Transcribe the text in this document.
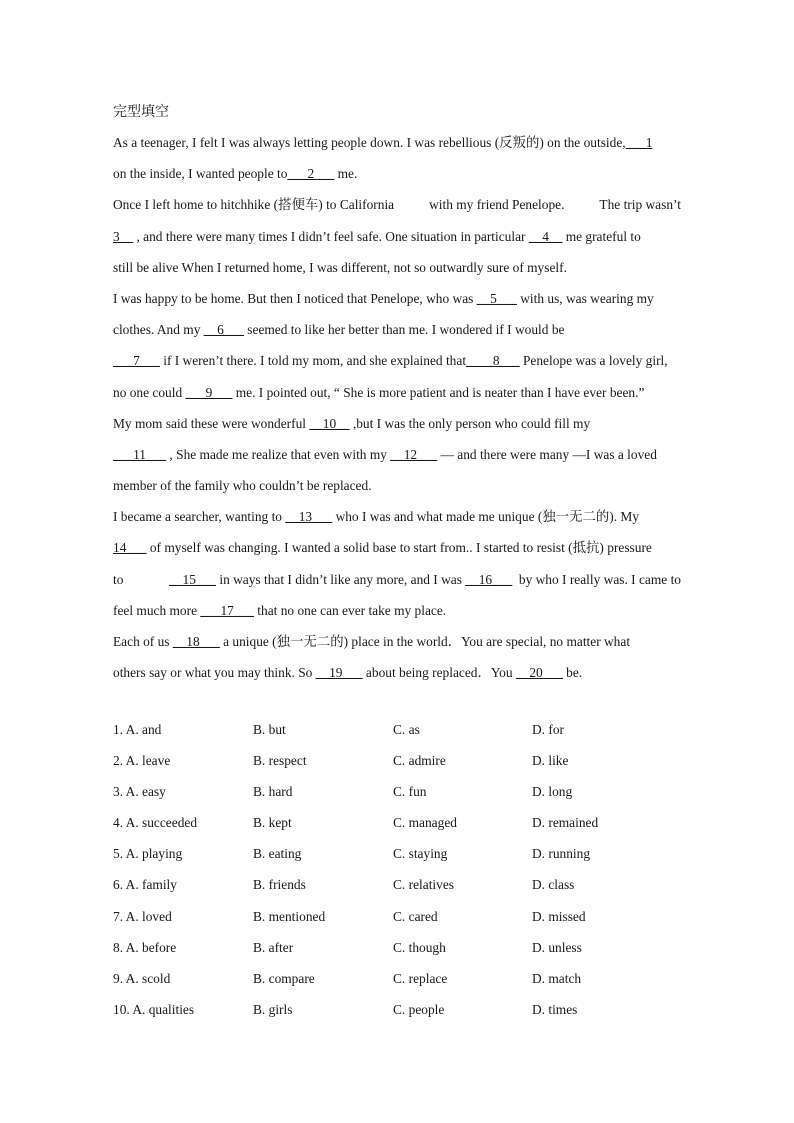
完型填空
As a teenager, I felt I was always letting people down. I was rebellious (反叛的) on the outside,___1
on the inside, I wanted people to___2___ me.
Once I left home to hitchhike (搭便车) to California	with my friend Penelope.	The trip wasn’t
3__ , and there were many times I didn’t feel safe. One situation in particular __4__ me grateful to
still be alive When I returned home, I was different, not so outwardly sure of myself.
I was happy to be home. But then I noticed that Penelope, who was __5___ with us, was wearing my
clothes. And my __6___ seemed to like her better than me. I wondered if I would be
___7___ if I weren’t there. I told my mom, and she explained that____8___ Penelope was a lovely girl,
no one could ___9___ me. I pointed out, “ She is more patient and is neater than I have ever been.”
My mom said these were wonderful __10__ ,but I was the only person who could fill my
___11___ , She made me realize that even with my __12___ — and there were many —I was a loved
member of the family who couldn’t be replaced.
I became a searcher, wanting to __13___ who I was and what made me unique (独一无二的). My
14___ of myself was changing. I wanted a solid base to start from.. I started to resist (抵抗) pressure
to	__15___ in ways that I didn’t like any more, and I was __16___  by who I really was. I came to
feel much more ___17___ that no one can ever take my place.
Each of us __18___ a unique (独一无二的) place in the world．You are special, no matter what
others say or what you may think. So __19___ about being replaced．You __20___ be.
1. A. and	B. but	C. as	D. for
2. A. leave	B. respect	C. admire	D. like
3. A. easy	B. hard	C. fun	D. long
4. A. succeeded	B. kept	C. managed	D. remained
5. A. playing	B. eating	C. staying	D. running
6. A. family	B. friends	C. relatives	D. class
7. A. loved	B. mentioned	C. cared	D. missed
8. A. before	B. after	C. though	D. unless
9. A. scold	B. compare	C. replace	D. match
10. A. qualities	B. girls	C. people	D. times
